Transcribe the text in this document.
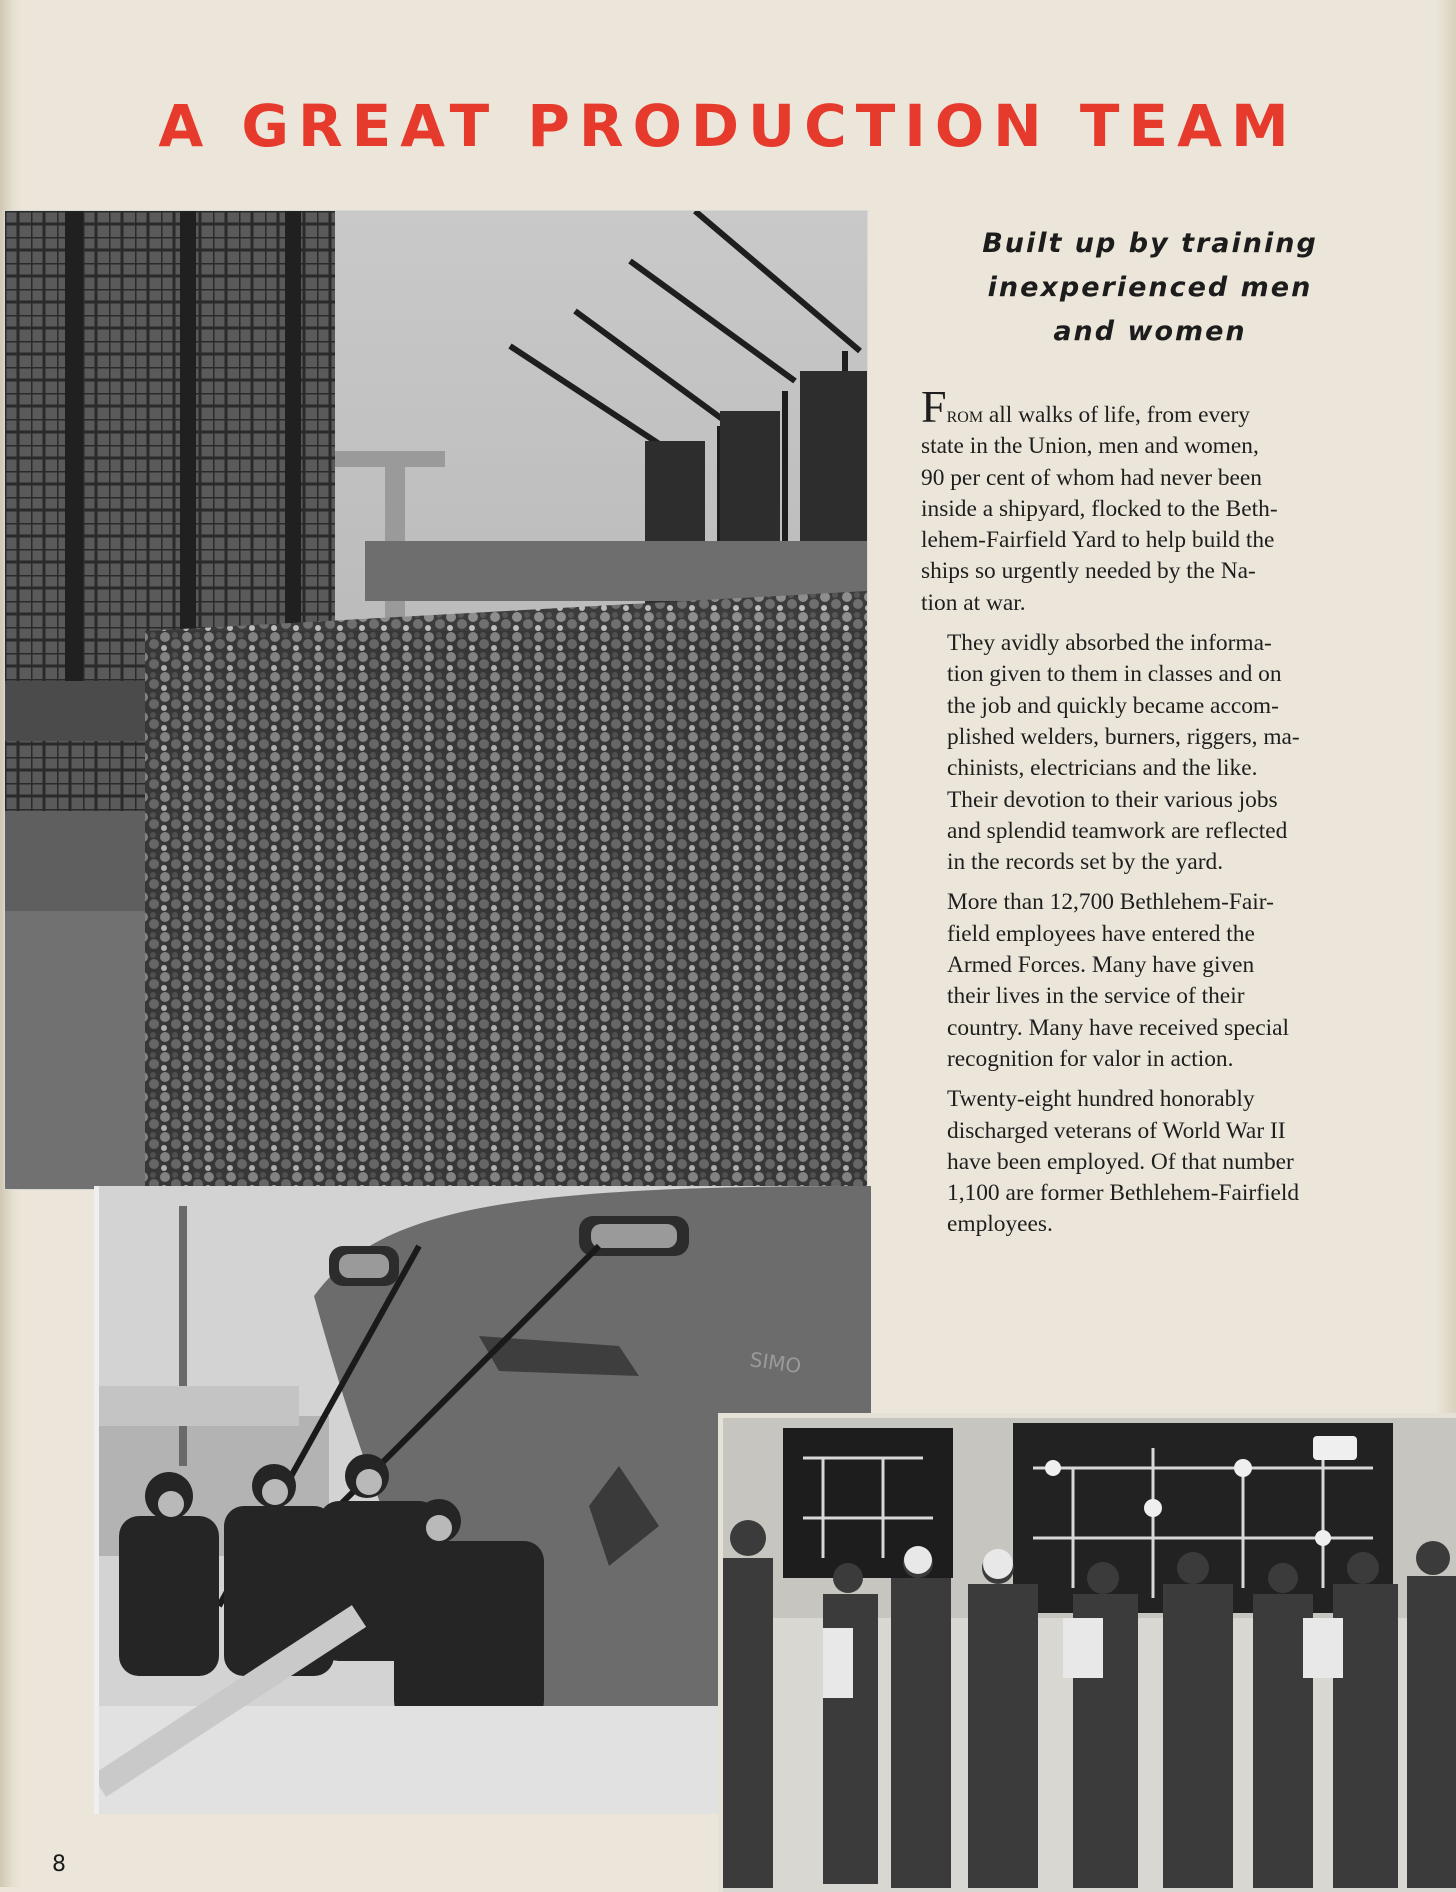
A GREAT PRODUCTION TEAM
SIMO
Built up by training
inexperienced men
and women

From all walks of life, from every
state in the Union, men and women,
90 per cent of whom had never been
inside a shipyard, flocked to the Beth-
lehem-Fairfield Yard to help build the
ships so urgently needed by the Na-
tion at war.

They avidly absorbed the informa-
tion given to them in classes and on
the job and quickly became accom-
plished welders, burners, riggers, ma-
chinists, electricians and the like.
Their devotion to their various jobs
and splendid teamwork are reflected
in the records set by the yard.

More than 12,700 Bethlehem-Fair-
field employees have entered the
Armed Forces. Many have given
their lives in the service of their
country. Many have received special
recognition for valor in action.

Twenty-eight hundred honorably
discharged veterans of World War II
have been employed. Of that number
1,100 are former Bethlehem-Fairfield
employees.

8
